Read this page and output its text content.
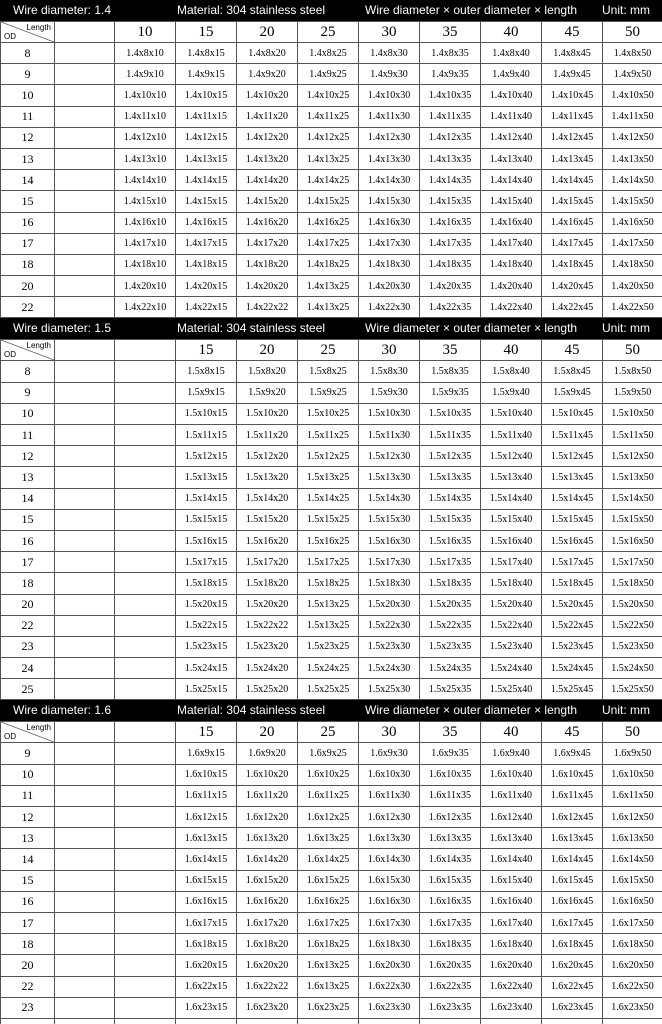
Wire diameter: 1.4	Material: 304 stainless steel	Wire diameter × outer diameter × length Unit: mm
Length
OD		10	15	20	25	30	35	40	45	50
8		1.4x8x10	1.4x8x15	1.4x8x20	1.4x8x25	1.4x8x30	1.4x8x35	1.4x8x40	1.4x8x45	1.4x8x50
9		1.4x9x10	1.4x9x15	1.4x9x20	1.4x9x25	1.4x9x30	1.4x9x35	1.4x9x40	1.4x9x45	1.4x9x50
10		1.4x10x10	1.4x10x15	1.4x10x20	1.4x10x25	1.4x10x30	1.4x10x35	1.4x10x40	1.4x10x45	1.4x10x50
11		1.4x11x10	1.4x11x15	1.4x11x20	1.4x11x25	1.4x11x30	1.4x11x35	1.4x11x40	1.4x11x45	1.4x11x50
12		1.4x12x10	1.4x12x15	1.4x12x20	1.4x12x25	1.4x12x30	1.4x12x35	1.4x12x40	1.4x12x45	1.4x12x50
13		1.4x13x10	1.4x13x15	1.4x13x20	1.4x13x25	1.4x13x30	1.4x13x35	1.4x13x40	1.4x13x45	1.4x13x50
14		1.4x14x10	1.4x14x15	1.4x14x20	1.4x14x25	1.4x14x30	1.4x14x35	1.4x14x40	1.4x14x45	1.4x14x50
15		1.4x15x10	1.4x15x15	1.4x15x20	1.4x15x25	1.4x15x30	1.4x15x35	1.4x15x40	1.4x15x45	1.4x15x50
16		1.4x16x10	1.4x16x15	1.4x16x20	1.4x16x25	1.4x16x30	1.4x16x35	1.4x16x40	1.4x16x45	1.4x16x50
17		1.4x17x10	1.4x17x15	1.4x17x20	1.4x17x25	1.4x17x30	1.4x17x35	1.4x17x40	1.4x17x45	1.4x17x50
18		1.4x18x10	1.4x18x15	1.4x18x20	1.4x18x25	1.4x18x30	1.4x18x35	1.4x18x40	1.4x18x45	1.4x18x50
20		1.4x20x10	1.4x20x15	1.4x20x20	1.4x13x25	1.4x20x30	1.4x20x35	1.4x20x40	1.4x20x45	1.4x20x50
22		1.4x22x10	1.4x22x15	1.4x22x22	1.4x13x25	1.4x22x30	1.4x22x35	1.4x22x40	1.4x22x45	1.4x22x50
Wire diameter: 1.5	Material: 304 stainless steel	Wire diameter × outer diameter × length Unit: mm
Length
OD			15	20	25	30	35	40	45	50
8			1.5x8x15	1.5x8x20	1.5x8x25	1.5x8x30	1.5x8x35	1.5x8x40	1.5x8x45	1.5x8x50
9			1.5x9x15	1.5x9x20	1.5x9x25	1.5x9x30	1.5x9x35	1.5x9x40	1.5x9x45	1.5x9x50
10			1.5x10x15	1.5x10x20	1.5x10x25	1.5x10x30	1.5x10x35	1.5x10x40	1.5x10x45	1.5x10x50
11			1.5x11x15	1.5x11x20	1.5x11x25	1.5x11x30	1.5x11x35	1.5x11x40	1.5x11x45	1.5x11x50
12			1.5x12x15	1.5x12x20	1.5x12x25	1.5x12x30	1.5x12x35	1.5x12x40	1.5x12x45	1.5x12x50
13			1.5x13x15	1.5x13x20	1.5x13x25	1.5x13x30	1.5x13x35	1.5x13x40	1.5x13x45	1.5x13x50
14			1.5x14x15	1.5x14x20	1.5x14x25	1.5x14x30	1.5x14x35	1.5x14x40	1.5x14x45	1.5x14x50
15			1.5x15x15	1.5x15x20	1.5x15x25	1.5x15x30	1.5x15x35	1.5x15x40	1.5x15x45	1.5x15x50
16			1.5x16x15	1.5x16x20	1.5x16x25	1.5x16x30	1.5x16x35	1.5x16x40	1.5x16x45	1.5x16x50
17			1.5x17x15	1.5x17x20	1.5x17x25	1.5x17x30	1.5x17x35	1.5x17x40	1.5x17x45	1.5x17x50
18			1.5x18x15	1.5x18x20	1.5x18x25	1.5x18x30	1.5x18x35	1.5x18x40	1.5x18x45	1.5x18x50
20			1.5x20x15	1.5x20x20	1.5x13x25	1.5x20x30	1.5x20x35	1.5x20x40	1.5x20x45	1.5x20x50
22			1.5x22x15	1.5x22x22	1.5x13x25	1.5x22x30	1.5x22x35	1.5x22x40	1.5x22x45	1.5x22x50
23			1.5x23x15	1.5x23x20	1.5x23x25	1.5x23x30	1.5x23x35	1.5x23x40	1.5x23x45	1.5x23x50
24			1.5x24x15	1.5x24x20	1.5x24x25	1.5x24x30	1.5x24x35	1.5x24x40	1.5x24x45	1.5x24x50
25			1.5x25x15	1.5x25x20	1.5x25x25	1.5x25x30	1.5x25x35	1.5x25x40	1.5x25x45	1.5x25x50
Wire diameter: 1.6	Material: 304 stainless steel	Wire diameter × outer diameter × length Unit: mm
Length
OD			15	20	25	30	35	40	45	50
9			1.6x9x15	1.6x9x20	1.6x9x25	1.6x9x30	1.6x9x35	1.6x9x40	1.6x9x45	1.6x9x50
10			1.6x10x15	1.6x10x20	1.6x10x25	1.6x10x30	1.6x10x35	1.6x10x40	1.6x10x45	1.6x10x50
11			1.6x11x15	1.6x11x20	1.6x11x25	1.6x11x30	1.6x11x35	1.6x11x40	1.6x11x45	1.6x11x50
12			1.6x12x15	1.6x12x20	1.6x12x25	1.6x12x30	1.6x12x35	1.6x12x40	1.6x12x45	1.6x12x50
13			1.6x13x15	1.6x13x20	1.6x13x25	1.6x13x30	1.6x13x35	1.6x13x40	1.6x13x45	1.6x13x50
14			1.6x14x15	1.6x14x20	1.6x14x25	1.6x14x30	1.6x14x35	1.6x14x40	1.6x14x45	1.6x14x50
15			1.6x15x15	1.6x15x20	1.6x15x25	1.6x15x30	1.6x15x35	1.6x15x40	1.6x15x45	1.6x15x50
16			1.6x16x15	1.6x16x20	1.6x16x25	1.6x16x30	1.6x16x35	1.6x16x40	1.6x16x45	1.6x16x50
17			1.6x17x15	1.6x17x20	1.6x17x25	1.6x17x30	1.6x17x35	1.6x17x40	1.6x17x45	1.6x17x50
18			1.6x18x15	1.6x18x20	1.6x18x25	1.6x18x30	1.6x18x35	1.6x18x40	1.6x18x45	1.6x18x50
20			1.6x20x15	1.6x20x20	1.6x13x25	1.6x20x30	1.6x20x35	1.6x20x40	1.6x20x45	1.6x20x50
22			1.6x22x15	1.6x22x22	1.6x13x25	1.6x22x30	1.6x22x35	1.6x22x40	1.6x22x45	1.6x22x50
23			1.6x23x15	1.6x23x20	1.6x23x25	1.6x23x30	1.6x23x35	1.6x23x40	1.6x23x45	1.6x23x50
